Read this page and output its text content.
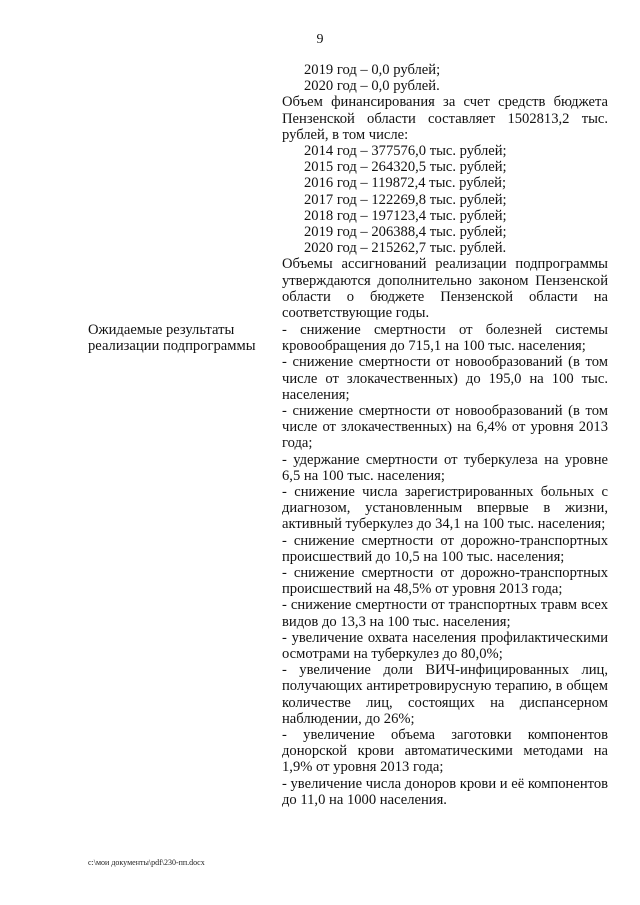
9
2019 год – 0,0 рублей;
2020 год – 0,0 рублей.
Объем финансирования за счет средств бюджета Пензенской области составляет 1502813,2 тыс. рублей, в том числе:
2014 год – 377576,0 тыс. рублей;
2015 год – 264320,5 тыс. рублей;
2016 год – 119872,4 тыс. рублей;
2017 год – 122269,8 тыс. рублей;
2018 год – 197123,4 тыс. рублей;
2019 год – 206388,4 тыс. рублей;
2020 год – 215262,7 тыс. рублей.
Объемы ассигнований реализации подпрограммы утверждаются дополнительно законом Пензенской области о бюджете Пензенской области на соответствующие годы.
Ожидаемые результаты реализации подпрограммы
- снижение смертности от болезней системы кровообращения до 715,1 на 100 тыс. населения;
- снижение смертности от новообразований (в том числе от злокачественных) до 195,0 на 100 тыс. населения;
- снижение смертности от новообразований (в том числе от злокачественных) на 6,4% от уровня 2013 года;
- удержание смертности от туберкулеза на уровне 6,5 на 100 тыс. населения;
- снижение числа зарегистрированных больных с диагнозом, установленным впервые в жизни, активный туберкулез до 34,1 на 100 тыс. населения;
- снижение смертности от дорожно-транспортных происшествий до 10,5 на 100 тыс. населения;
- снижение смертности от дорожно-транспортных происшествий на 48,5% от уровня 2013 года;
- снижение смертности от транспортных травм всех видов до 13,3 на 100 тыс. населения;
- увеличение охвата населения профилактическими осмотрами на туберкулез до 80,0%;
- увеличение доли ВИЧ-инфицированных лиц, получающих антиретровирусную терапию, в общем количестве лиц, состоящих на диспансерном наблюдении, до 26%;
- увеличение объема заготовки компонентов донорской крови автоматическими методами на 1,9% от уровня 2013 года;
- увеличение числа доноров крови и её компонентов до 11,0 на 1000 населения.
c:\мои документы\pdf\230-пп.docx
